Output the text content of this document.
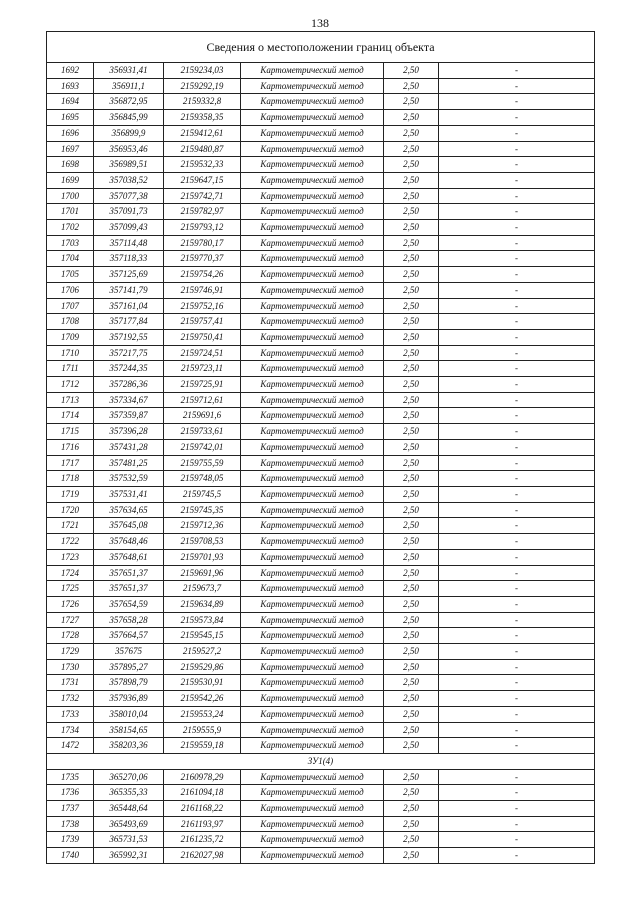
138
Сведения о местоположении границ объекта					
1692	356931,41	2159234,03	Картометрический метод	2,50	-
1693	356911,1	2159292,19	Картометрический метод	2,50	-
1694	356872,95	2159332,8	Картометрический метод	2,50	-
1695	356845,99	2159358,35	Картометрический метод	2,50	-
1696	356899,9	2159412,61	Картометрический метод	2,50	-
1697	356953,46	2159480,87	Картометрический метод	2,50	-
1698	356989,51	2159532,33	Картометрический метод	2,50	-
1699	357038,52	2159647,15	Картометрический метод	2,50	-
1700	357077,38	2159742,71	Картометрический метод	2,50	-
1701	357091,73	2159782,97	Картометрический метод	2,50	-
1702	357099,43	2159793,12	Картометрический метод	2,50	-
1703	357114,48	2159780,17	Картометрический метод	2,50	-
1704	357118,33	2159770,37	Картометрический метод	2,50	-
1705	357125,69	2159754,26	Картометрический метод	2,50	-
1706	357141,79	2159746,91	Картометрический метод	2,50	-
1707	357161,04	2159752,16	Картометрический метод	2,50	-
1708	357177,84	2159757,41	Картометрический метод	2,50	-
1709	357192,55	2159750,41	Картометрический метод	2,50	-
1710	357217,75	2159724,51	Картометрический метод	2,50	-
1711	357244,35	2159723,11	Картометрический метод	2,50	-
1712	357286,36	2159725,91	Картометрический метод	2,50	-
1713	357334,67	2159712,61	Картометрический метод	2,50	-
1714	357359,87	2159691,6	Картометрический метод	2,50	-
1715	357396,28	2159733,61	Картометрический метод	2,50	-
1716	357431,28	2159742,01	Картометрический метод	2,50	-
1717	357481,25	2159755,59	Картометрический метод	2,50	-
1718	357532,59	2159748,05	Картометрический метод	2,50	-
1719	357531,41	2159745,5	Картометрический метод	2,50	-
1720	357634,65	2159745,35	Картометрический метод	2,50	-
1721	357645,08	2159712,36	Картометрический метод	2,50	-
1722	357648,46	2159708,53	Картометрический метод	2,50	-
1723	357648,61	2159701,93	Картометрический метод	2,50	-
1724	357651,37	2159691,96	Картометрический метод	2,50	-
1725	357651,37	2159673,7	Картометрический метод	2,50	-
1726	357654,59	2159634,89	Картометрический метод	2,50	-
1727	357658,28	2159573,84	Картометрический метод	2,50	-
1728	357664,57	2159545,15	Картометрический метод	2,50	-
1729	357675	2159527,2	Картометрический метод	2,50	-
1730	357895,27	2159529,86	Картометрический метод	2,50	-
1731	357898,79	2159530,91	Картометрический метод	2,50	-
1732	357936,89	2159542,26	Картометрический метод	2,50	-
1733	358010,04	2159553,24	Картометрический метод	2,50	-
1734	358154,65	2159555,9	Картометрический метод	2,50	-
1472	358203,36	2159559,18	Картометрический метод	2,50	-
ЗУ1(4)					
1735	365270,06	2160978,29	Картометрический метод	2,50	-
1736	365355,33	2161094,18	Картометрический метод	2,50	-
1737	365448,64	2161168,22	Картометрический метод	2,50	-
1738	365493,69	2161193,97	Картометрический метод	2,50	-
1739	365731,53	2161235,72	Картометрический метод	2,50	-
1740	365992,31	2162027,98	Картометрический метод	2,50	-
